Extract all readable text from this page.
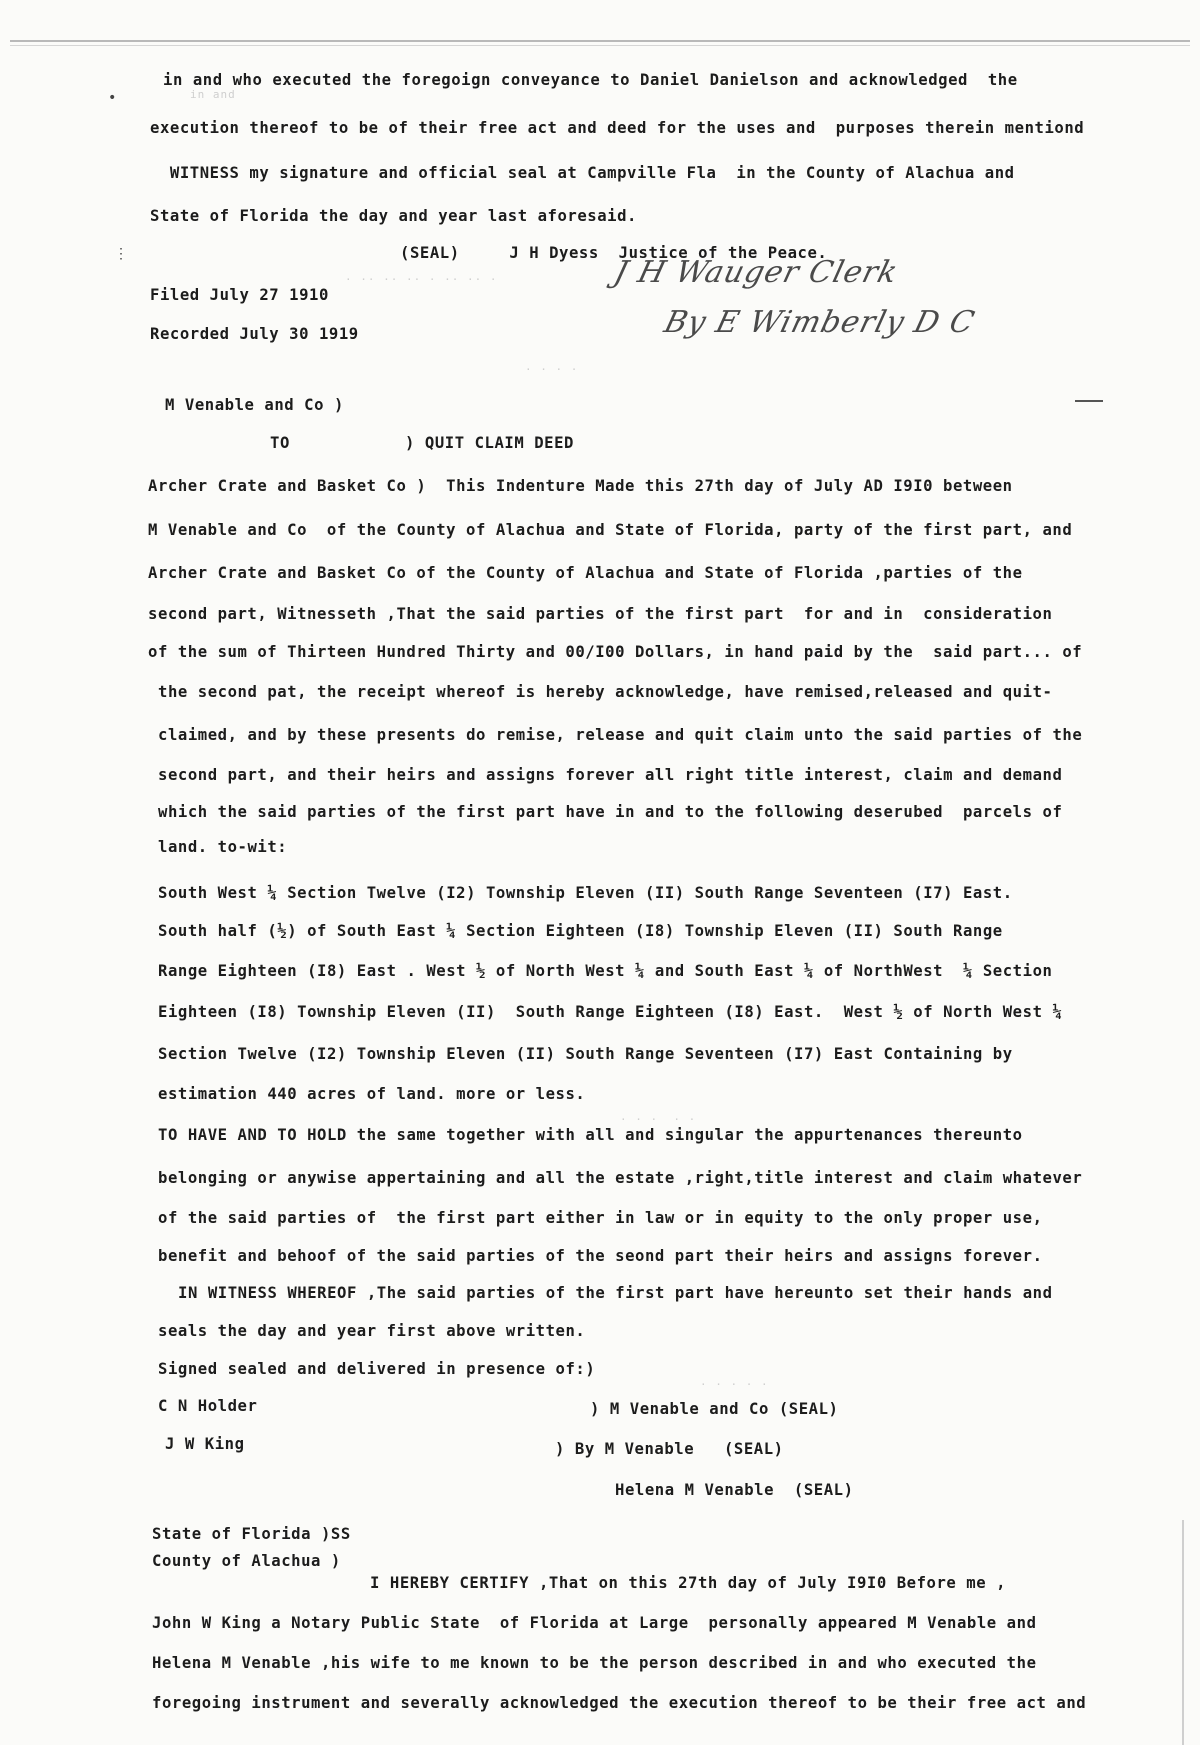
in and
. .. .. .. . .. .. .
. . . .
. . .  . .
. . . . .
•
⋮
in and who executed the foregoign conveyance to Daniel Danielson and acknowledged  the
execution thereof to be of their free act and deed for the uses and  purposes therein mentiond
WITNESS my signature and official seal at Campville Fla  in the County of Alachua and
State of Florida the day and year last aforesaid.
(SEAL)     J H Dyess  Justice of the Peace.
Filed July 27 1910
Recorded July 30 1919
J H Wauger Clerk
By E Wimberly D C
M Venable and Co )
TO	) QUIT CLAIM DEED
Archer Crate and Basket Co )  This Indenture Made this 27th day of July AD I9I0 between
M Venable and Co  of the County of Alachua and State of Florida, party of the first part, and
Archer Crate and Basket Co of the County of Alachua and State of Florida ,parties of the
second part, Witnesseth ,That the said parties of the first part  for and in  consideration
of the sum of Thirteen Hundred Thirty and 00/I00 Dollars, in hand paid by the  said part... of
the second pat, the receipt whereof is hereby acknowledge, have remised,released and quit-
claimed, and by these presents do remise, release and quit claim unto the said parties of the
second part, and their heirs and assigns forever all right title interest, claim and demand
which the said parties of the first part have in and to the following deserubed  parcels of
land. to-wit:
South West ¼ Section Twelve (I2) Township Eleven (II) South Range Seventeen (I7) East.
South half (½) of South East ¼ Section Eighteen (I8) Township Eleven (II) South Range
Range Eighteen (I8) East . West ½ of North West ¼ and South East ¼ of NorthWest  ¼ Section
Eighteen (I8) Township Eleven (II)  South Range Eighteen (I8) East.  West ½ of North West ¼
Section Twelve (I2) Township Eleven (II) South Range Seventeen (I7) East Containing by
estimation 440 acres of land. more or less.
TO HAVE AND TO HOLD the same together with all and singular the appurtenances thereunto
belonging or anywise appertaining and all the estate ,right,title interest and claim whatever
of the said parties of  the first part either in law or in equity to the only proper use,
benefit and behoof of the said parties of the seond part their heirs and assigns forever.
IN WITNESS WHEREOF ,The said parties of the first part have hereunto set their hands and
seals the day and year first above written.
Signed sealed and delivered in presence of:)
C N Holder	) M Venable and Co (SEAL)
J W King	) By M Venable   (SEAL)
Helena M Venable  (SEAL)
State of Florida )SS
County of Alachua )
I HEREBY CERTIFY ,That on this 27th day of July I9I0 Before me ,
John W King a Notary Public State  of Florida at Large  personally appeared M Venable and
Helena M Venable ,his wife to me known to be the person described in and who executed the
foregoing instrument and severally acknowledged the execution thereof to be their free act and
